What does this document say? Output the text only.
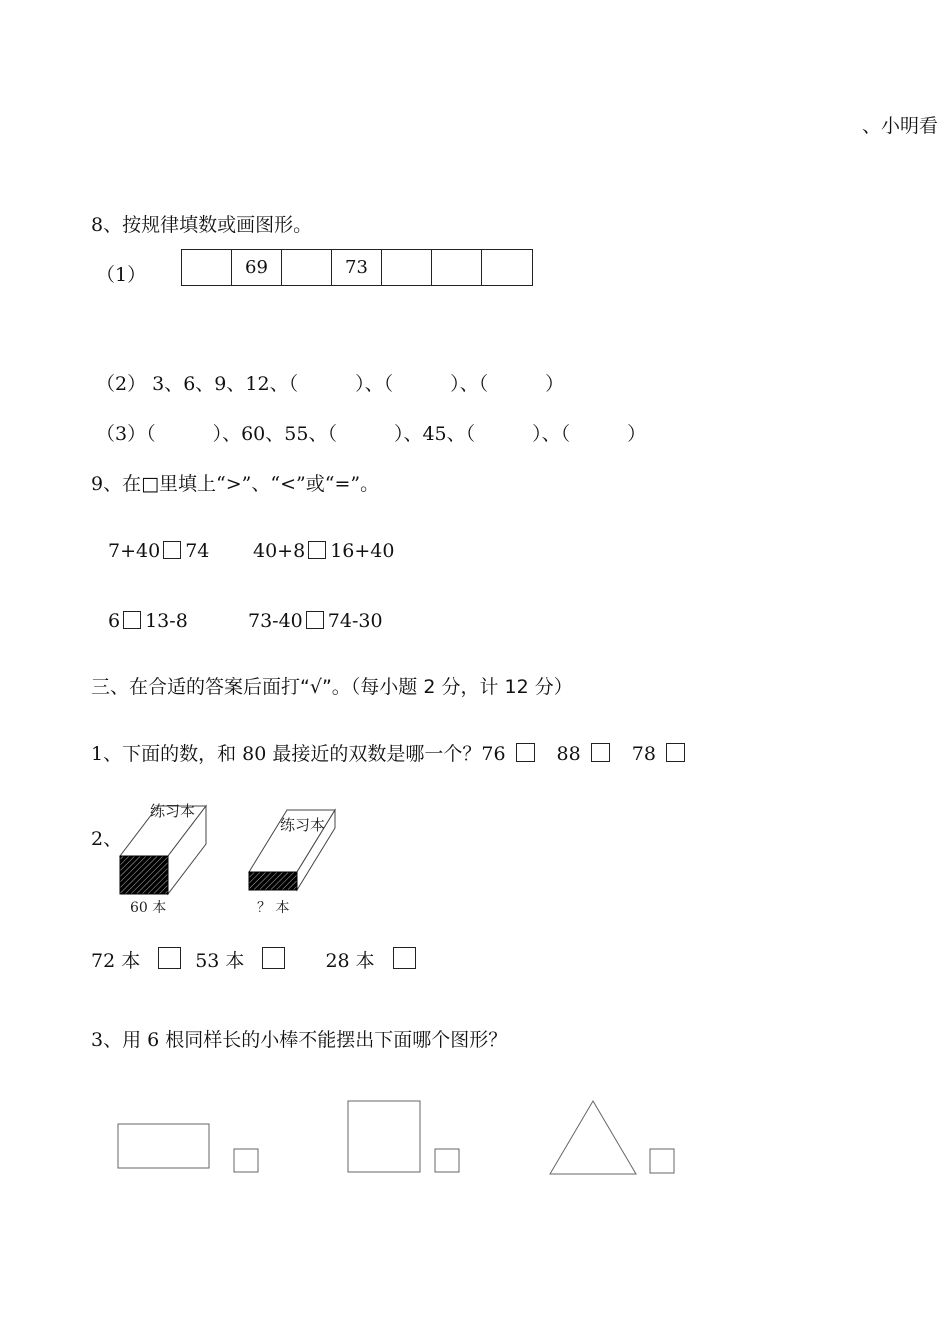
、小明看
8、按规律填数或画图形。
（1）	69	73
（2） 3、6、9、12、（　　　）、（　　　）、（　　　）
（3）（　　　）、60、55、（　　　）、45、（　　　）、（　　　）
9、在□里填上“>”、“<”或“=”。
7+40 74 40+8 16+40
6 13-8	73-40 74-30
三、在合适的答案后面打“√”。（每小题 2 分，计 12 分）
1、下面的数，和 80 最接近的双数是哪一个？76	88	78
2、
练习本
60 本
练习本
？ 本
72 本	53 本	28 本
3、用 6 根同样长的小棒不能摆出下面哪个图形？
